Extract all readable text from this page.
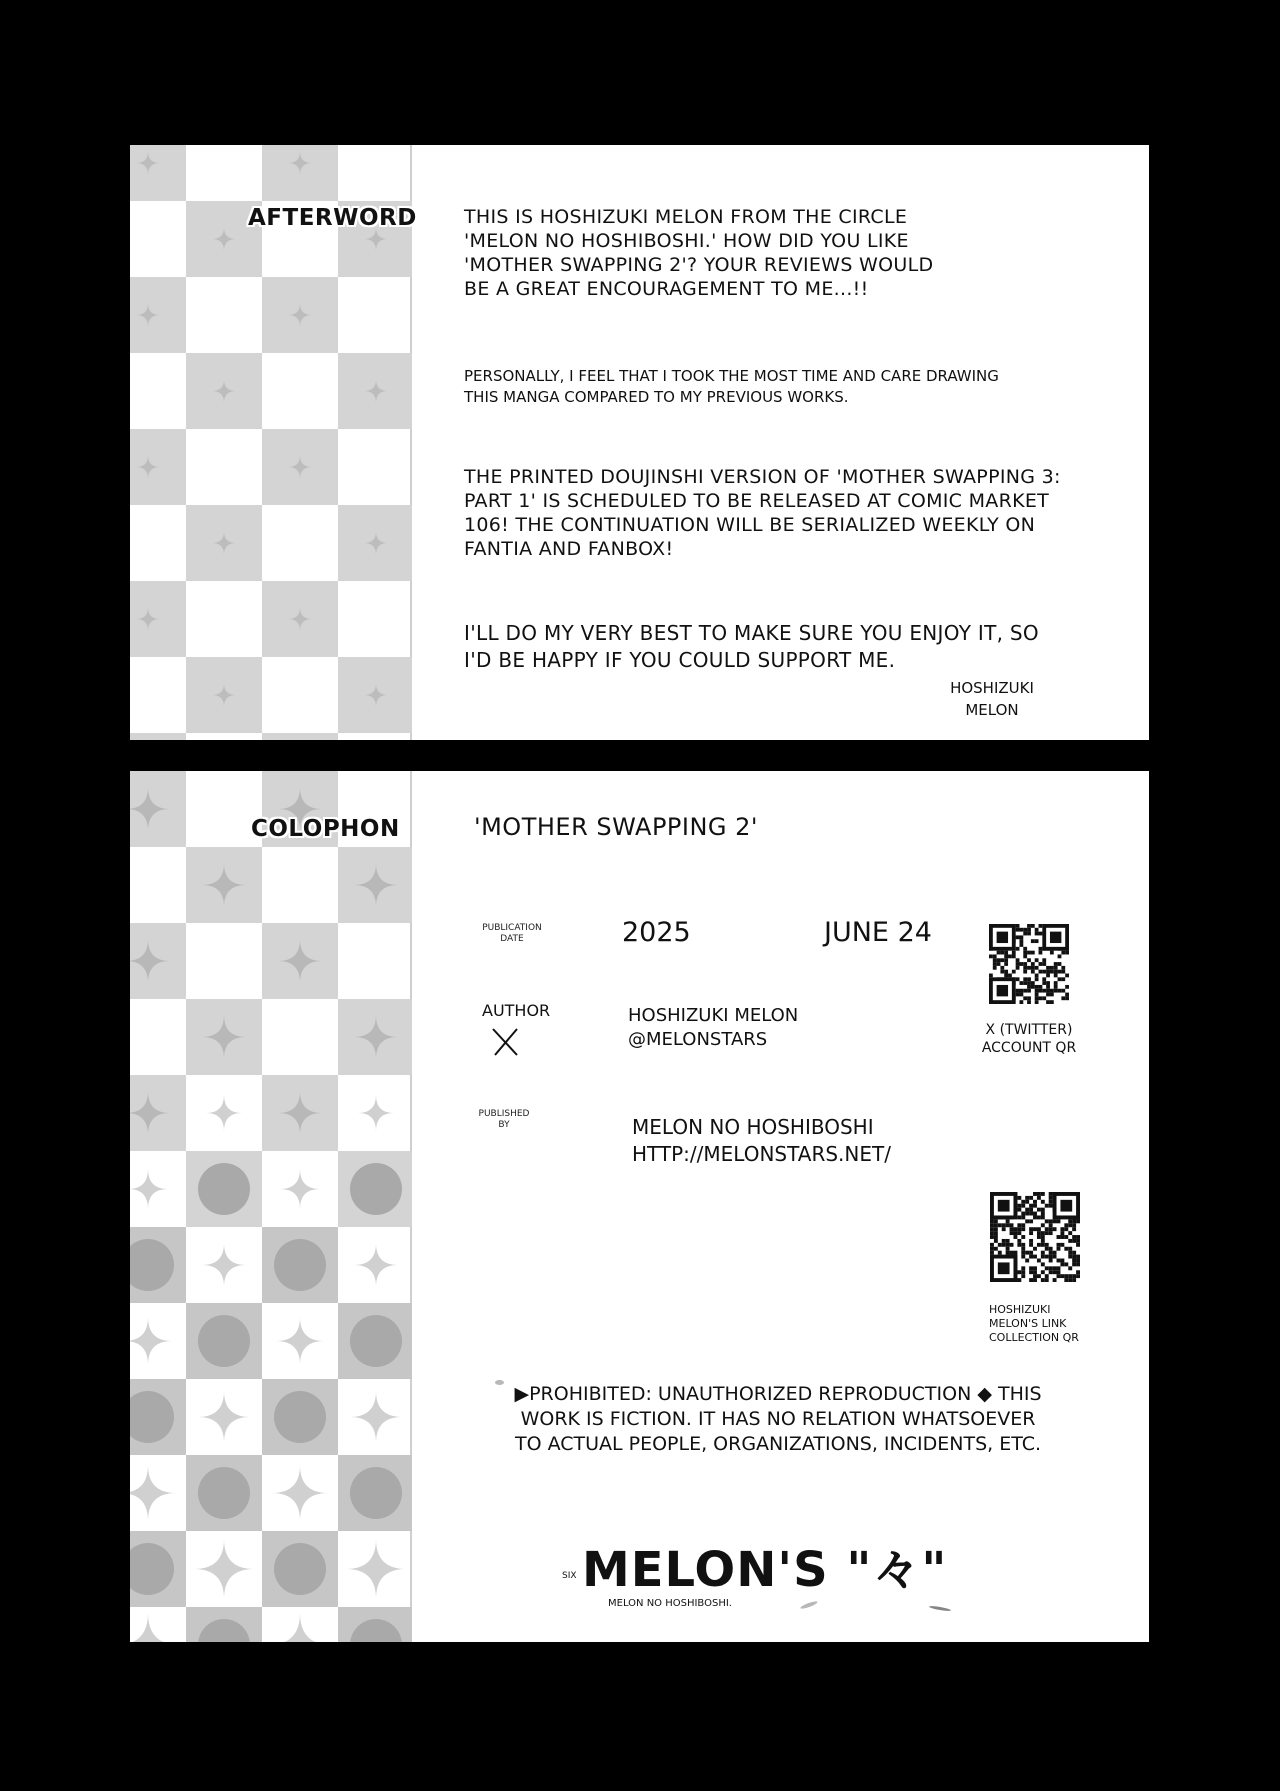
AFTERWORD THIS IS HOSHIZUKI MELON FROM THE CIRCLE 'MELON NO HOSHIBOSHI.' HOW DID YOU LIKE 'MOTHER SWAPPING 2'? YOUR REVIEWS WOULD BE A GREAT ENCOURAGEMENT TO ME...!!
PERSONALLY, I FEEL THAT I TOOK THE MOST TIME AND CARE DRAWING THIS MANGA COMPARED TO MY PREVIOUS WORKS.
THE PRINTED DOUJINSHI VERSION OF 'MOTHER SWAPPING 3: PART 1' IS SCHEDULED TO BE RELEASED AT COMIC MARKET 106! THE CONTINUATION WILL BE SERIALIZED WEEKLY ON FANTIA AND FANBOX!
I'LL DO MY VERY BEST TO MAKE SURE YOU ENJOY IT, SO I'D BE HAPPY IF YOU COULD SUPPORT ME.
HOSHIZUKI
MELON
COLOPHON	'MOTHER SWAPPING 2'
PUBLICATION
DATE	2025	JUNE 24
AUTHOR	HOSHIZUKI MELON
@MELONSTARS	X (TWITTER)
ACCOUNT QR
PUBLISHED
BY	MELON NO HOSHIBOSHI
HTTP://MELONSTARS.NET/
HOSHIZUKI
MELON'S LINK
COLLECTION QR
▶PROHIBITED: UNAUTHORIZED REPRODUCTION ◆ THIS
WORK IS FICTION. IT HAS NO RELATION WHATSOEVER
TO ACTUAL PEOPLE, ORGANIZATIONS, INCIDENTS, ETC.
SIX MELON'S "々"
MELON NO HOSHIBOSHI.
